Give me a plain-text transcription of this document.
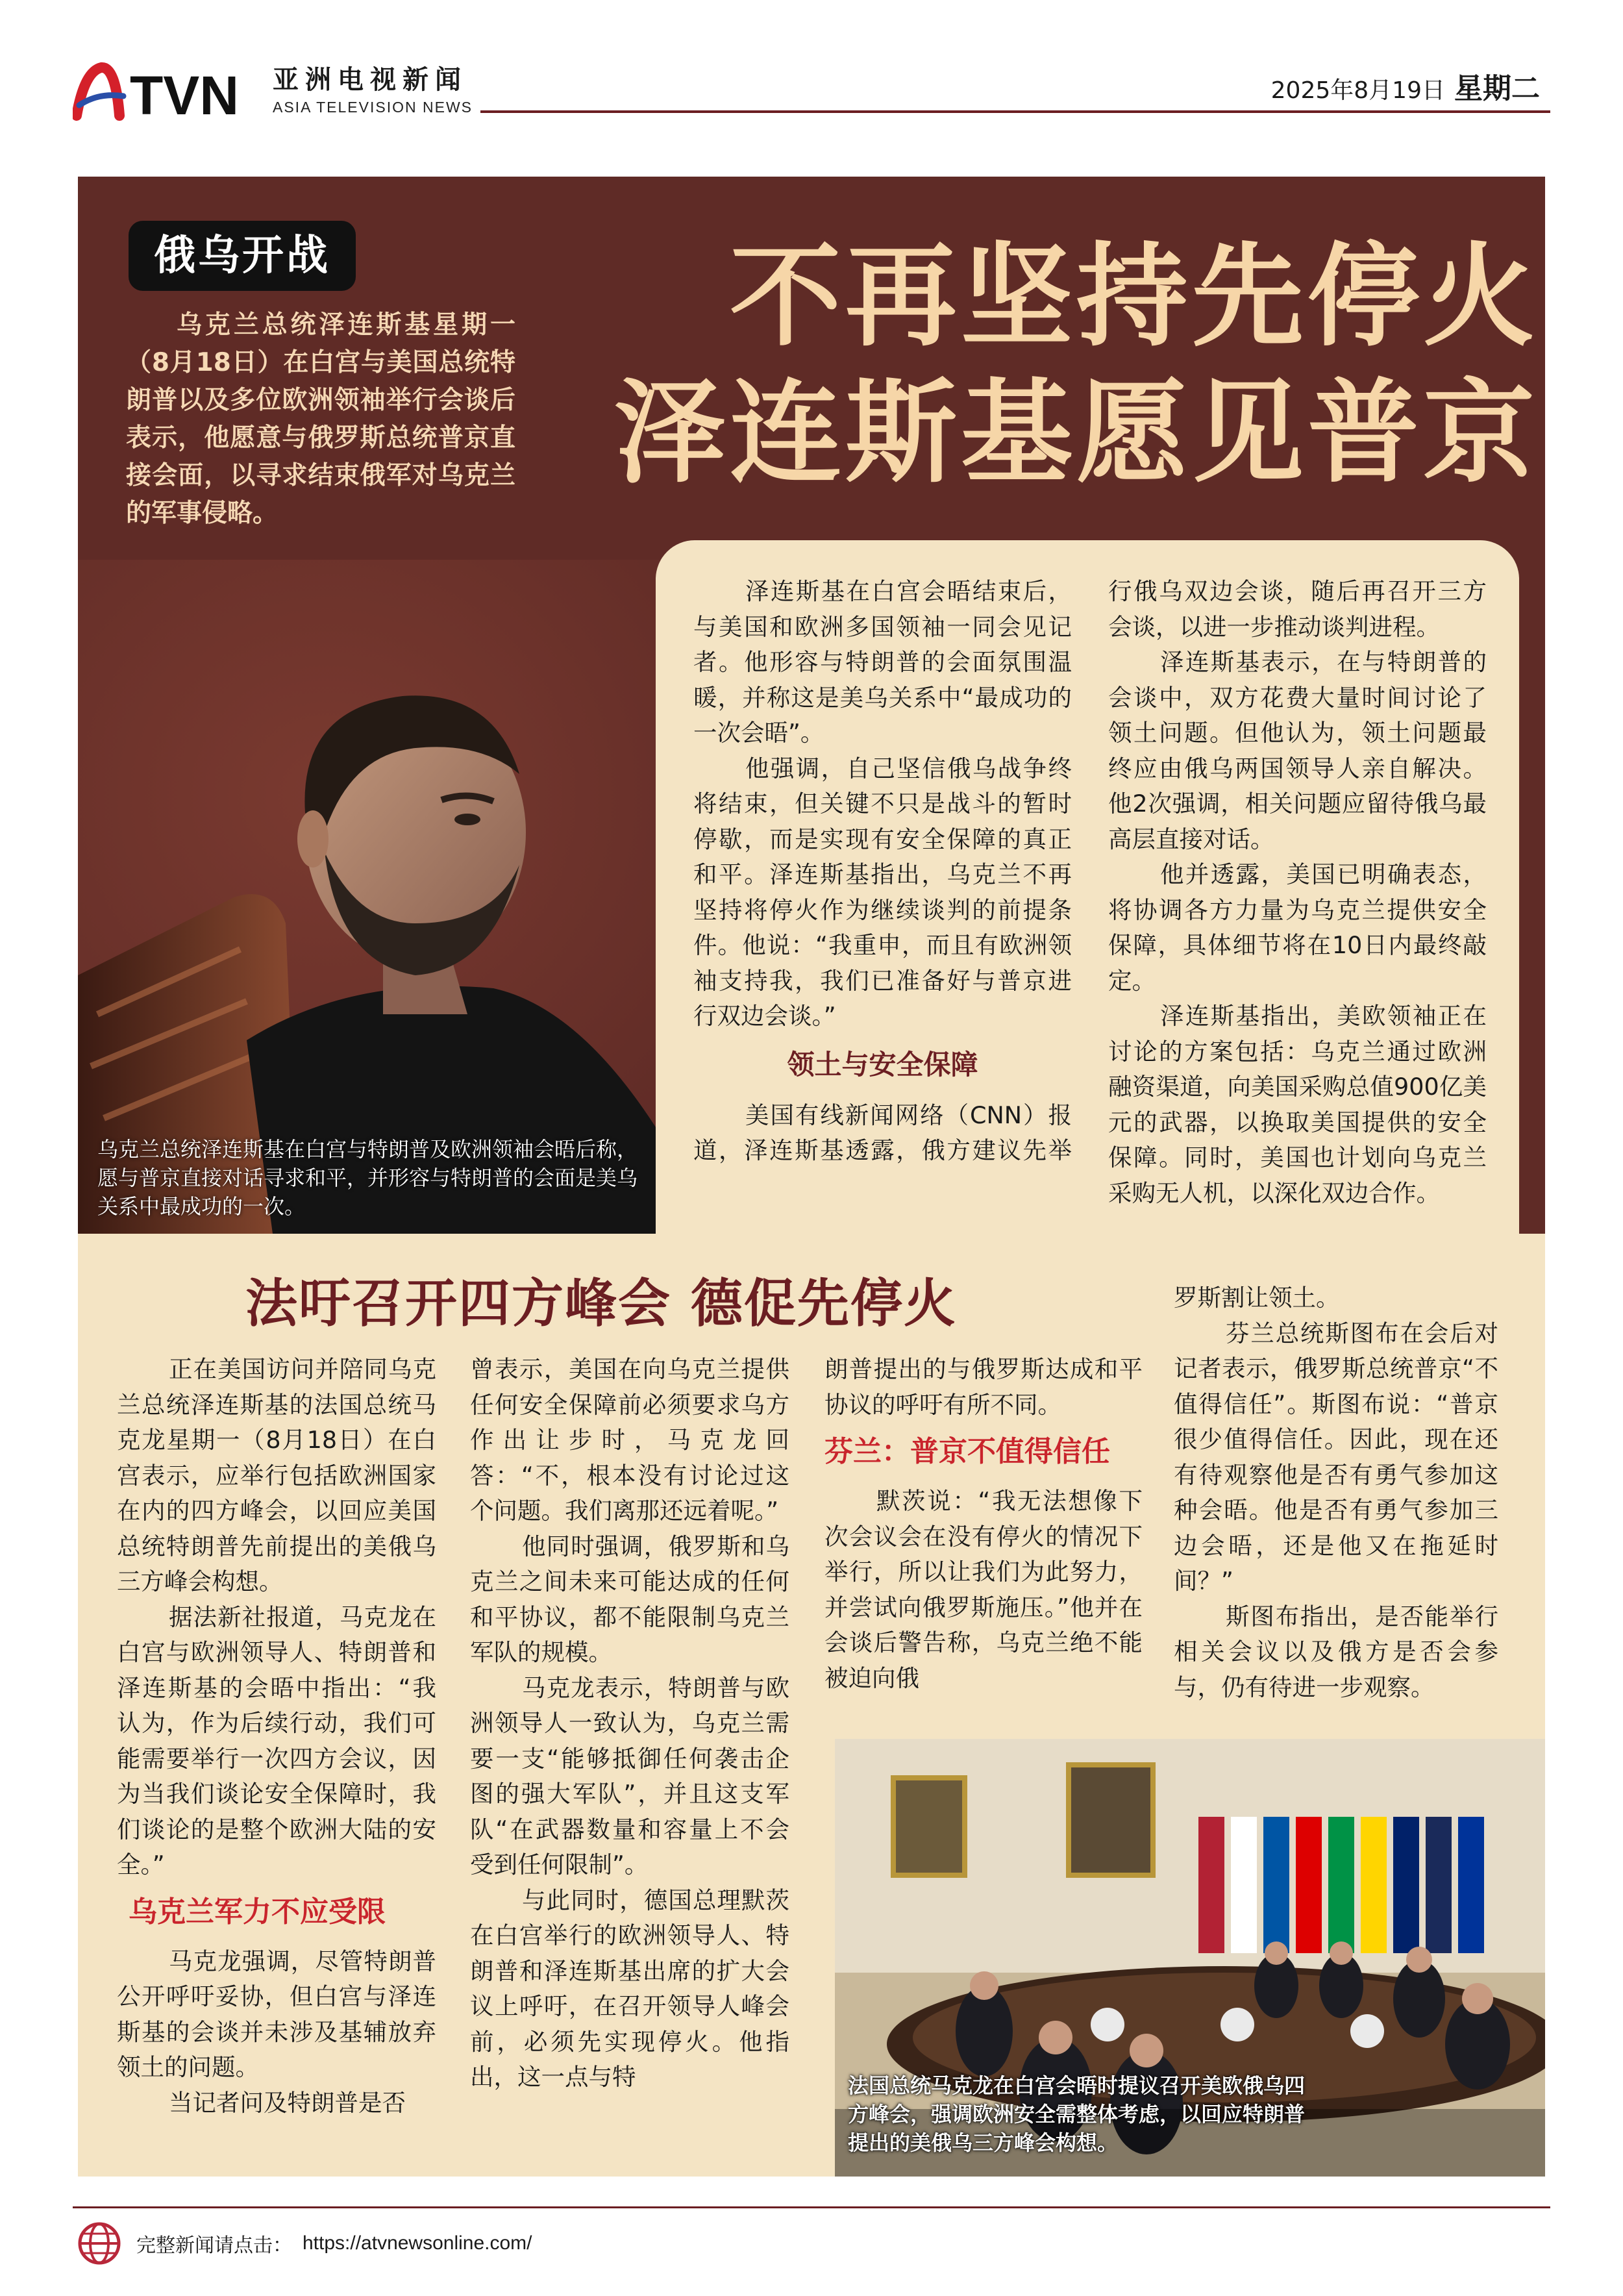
TVN 亚洲电视新闻
ASIA TELEVISION NEWS
2025年8月19日 星期二
俄乌开战	不再坚持先停火
泽连斯基愿见普京

乌克兰总统泽连斯基星期一（8月18日）在白宫与美国总统特朗普以及多位欧洲领袖举行会谈后表示，他愿意与俄罗斯总统普京直接会面，以寻求结束俄军对乌克兰的军事侵略。

乌克兰总统泽连斯基在白宫与特朗普及欧洲领袖会晤后称，愿与普京直接对话寻求和平，并形容与特朗普的会面是美乌关系中最成功的一次。

泽连斯基在白宫会晤结束后，与美国和欧洲多国领袖一同会见记者。他形容与特朗普的会面氛围温暖，并称这是美乌关系中“最成功的一次会晤”。

他强调，自己坚信俄乌战争终将结束，但关键不只是战斗的暂时停歇，而是实现有安全保障的真正和平。泽连斯基指出，乌克兰不再坚持将停火作为继续谈判的前提条件。他说：“我重申，而且有欧洲领袖支持我，我们已准备好与普京进行双边会谈。”

领土与安全保障

美国有线新闻网络（CNN）报道，泽连斯基透露，俄方建议先举行俄乌双边会谈，随后再召开三方会谈，以进一步推动谈判进程。

泽连斯基表示，在与特朗普的会谈中，双方花费大量时间讨论了领土问题。但他认为，领土问题最终应由俄乌两国领导人亲自解决。他2次强调，相关问题应留待俄乌最高层直接对话。

他并透露，美国已明确表态，将协调各方力量为乌克兰提供安全保障，具体细节将在10日内最终敲定。

泽连斯基指出，美欧领袖正在讨论的方案包括：乌克兰通过欧洲融资渠道，向美国采购总值900亿美元的武器，以换取美国提供的安全保障。同时，美国也计划向乌克兰采购无人机，以深化双边合作。

法吁召开四方峰会 德促先停火

正在美国访问并陪同乌克兰总统泽连斯基的法国总统马克龙星期一（8月18日）在白宫表示，应举行包括欧洲国家在内的四方峰会，以回应美国总统特朗普先前提出的美俄乌三方峰会构想。

据法新社报道，马克龙在白宫与欧洲领导人、特朗普和泽连斯基的会晤中指出：“我认为，作为后续行动，我们可能需要举行一次四方会议，因为当我们谈论安全保障时，我们谈论的是整个欧洲大陆的安全。”

乌克兰军力不应受限

马克龙强调，尽管特朗普公开呼吁妥协，但白宫与泽连斯基的会谈并未涉及基辅放弃领土的问题。

当记者问及特朗普是否

曾表示，美国在向乌克兰提供任何安全保障前必须要求乌方作出让步时，马克龙回答：“不，根本没有讨论过这个问题。我们离那还远着呢。”

他同时强调，俄罗斯和乌克兰之间未来可能达成的任何和平协议，都不能限制乌克兰军队的规模。

马克龙表示，特朗普与欧洲领导人一致认为，乌克兰需要一支“能够抵御任何袭击企图的强大军队”，并且这支军队“在武器数量和容量上不会受到任何限制”。

与此同时，德国总理默茨在白宫举行的欧洲领导人、特朗普和泽连斯基出席的扩大会议上呼吁，在召开领导人峰会前，必须先实现停火。他指出，这一点与特

朗普提出的与俄罗斯达成和平协议的呼吁有所不同。

芬兰：普京不值得信任

默茨说：“我无法想像下次会议会在没有停火的情况下举行，所以让我们为此努力，并尝试向俄罗斯施压。”他并在会谈后警告称，乌克兰绝不能被迫向俄

罗斯割让领土。

芬兰总统斯图布在会后对记者表示，俄罗斯总统普京“不值得信任”。斯图布说：“普京很少值得信任。因此，现在还有待观察他是否有勇气参加这种会晤。他是否有勇气参加三边会晤，还是他又在拖延时间？”

斯图布指出，是否能举行相关会议以及俄方是否会参与，仍有待进一步观察。

法国总统马克龙在白宫会晤时提议召开美欧俄乌四方峰会，强调欧洲安全需整体考虑，以回应特朗普提出的美俄乌三方峰会构想。
完整新闻请点击： https://atvnewsonline.com/
